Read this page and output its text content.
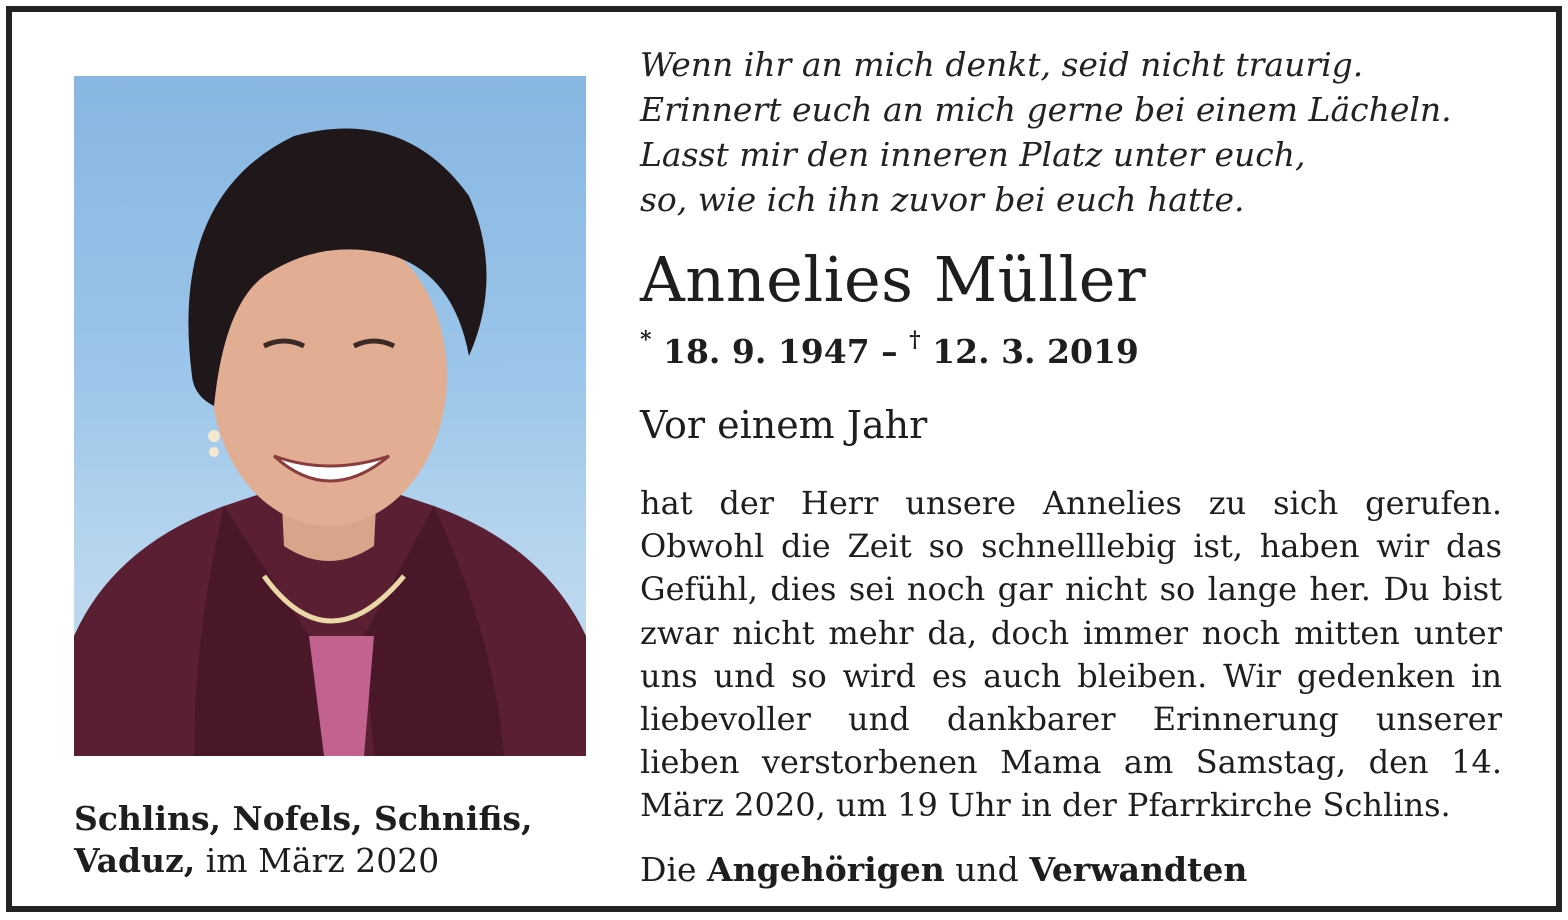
Schlins, Nofels, Schnifis,
Vaduz, im März 2020
Wenn ihr an mich denkt, seid nicht traurig.
Erinnert euch an mich gerne bei einem Lächeln.
Lasst mir den inneren Platz unter euch,
so, wie ich ihn zuvor bei euch hatte.
Annelies Müller
* 18. 9. 1947 – † 12. 3. 2019
Vor einem Jahr
hat der Herr unsere Annelies zu sich gerufen. Obwohl die Zeit so schnelllebig ist, haben wir das Gefühl, dies sei noch gar nicht so lange her. Du bist zwar nicht mehr da, doch immer noch mitten unter uns und so wird es auch bleiben. Wir gedenken in liebevoller und dankbarer Erinnerung unserer lieben verstorbenen Mama am Samstag, den 14. März 2020, um 19 Uhr in der Pfarrkirche Schlins.
Die Angehörigen und Verwandten
